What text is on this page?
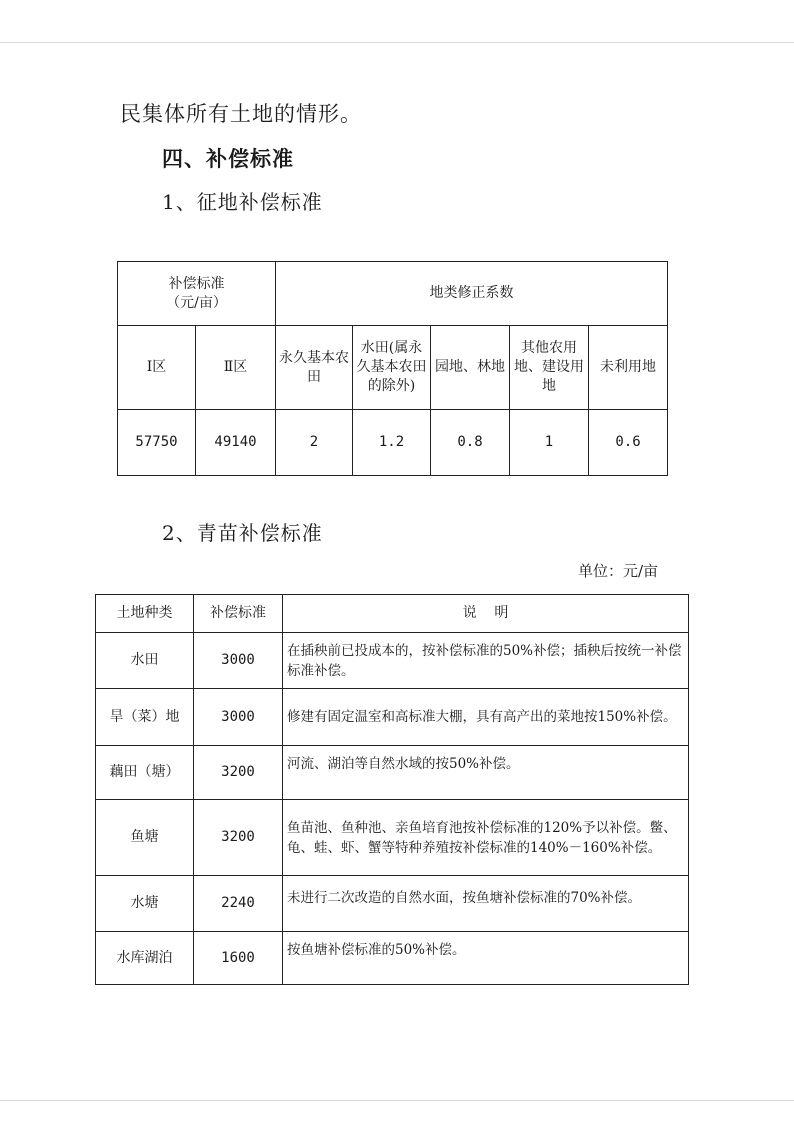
民集体所有土地的情形。
四、补偿标准
1、征地补偿标准
补偿标准
（元/亩）		地类修正系数				
Ⅰ区	Ⅱ区	永久基本农田	水田(属永久基本农田的除外)	园地、林地	其他农用地、建设用地	未利用地
57750	49140	2	1.2	0.8	1	0.6
2、青苗补偿标准
单位：元/亩
土地种类	补偿标准	说    明
水田	3000	在插秧前已投成本的，按补偿标准的50%补偿；插秧后按统一补偿标准补偿。
旱（菜）地	3000	修建有固定温室和高标准大棚，具有高产出的菜地按150%补偿。
藕田（塘）	3200	河流、湖泊等自然水域的按50%补偿。
鱼塘	3200	鱼苗池、鱼种池、亲鱼培育池按补偿标准的120%予以补偿。鳖、龟、蛙、虾、蟹等特种养殖按补偿标准的140%－160%补偿。
水塘	2240	未进行二次改造的自然水面，按鱼塘补偿标准的70%补偿。
水库湖泊	1600	按鱼塘补偿标准的50%补偿。
